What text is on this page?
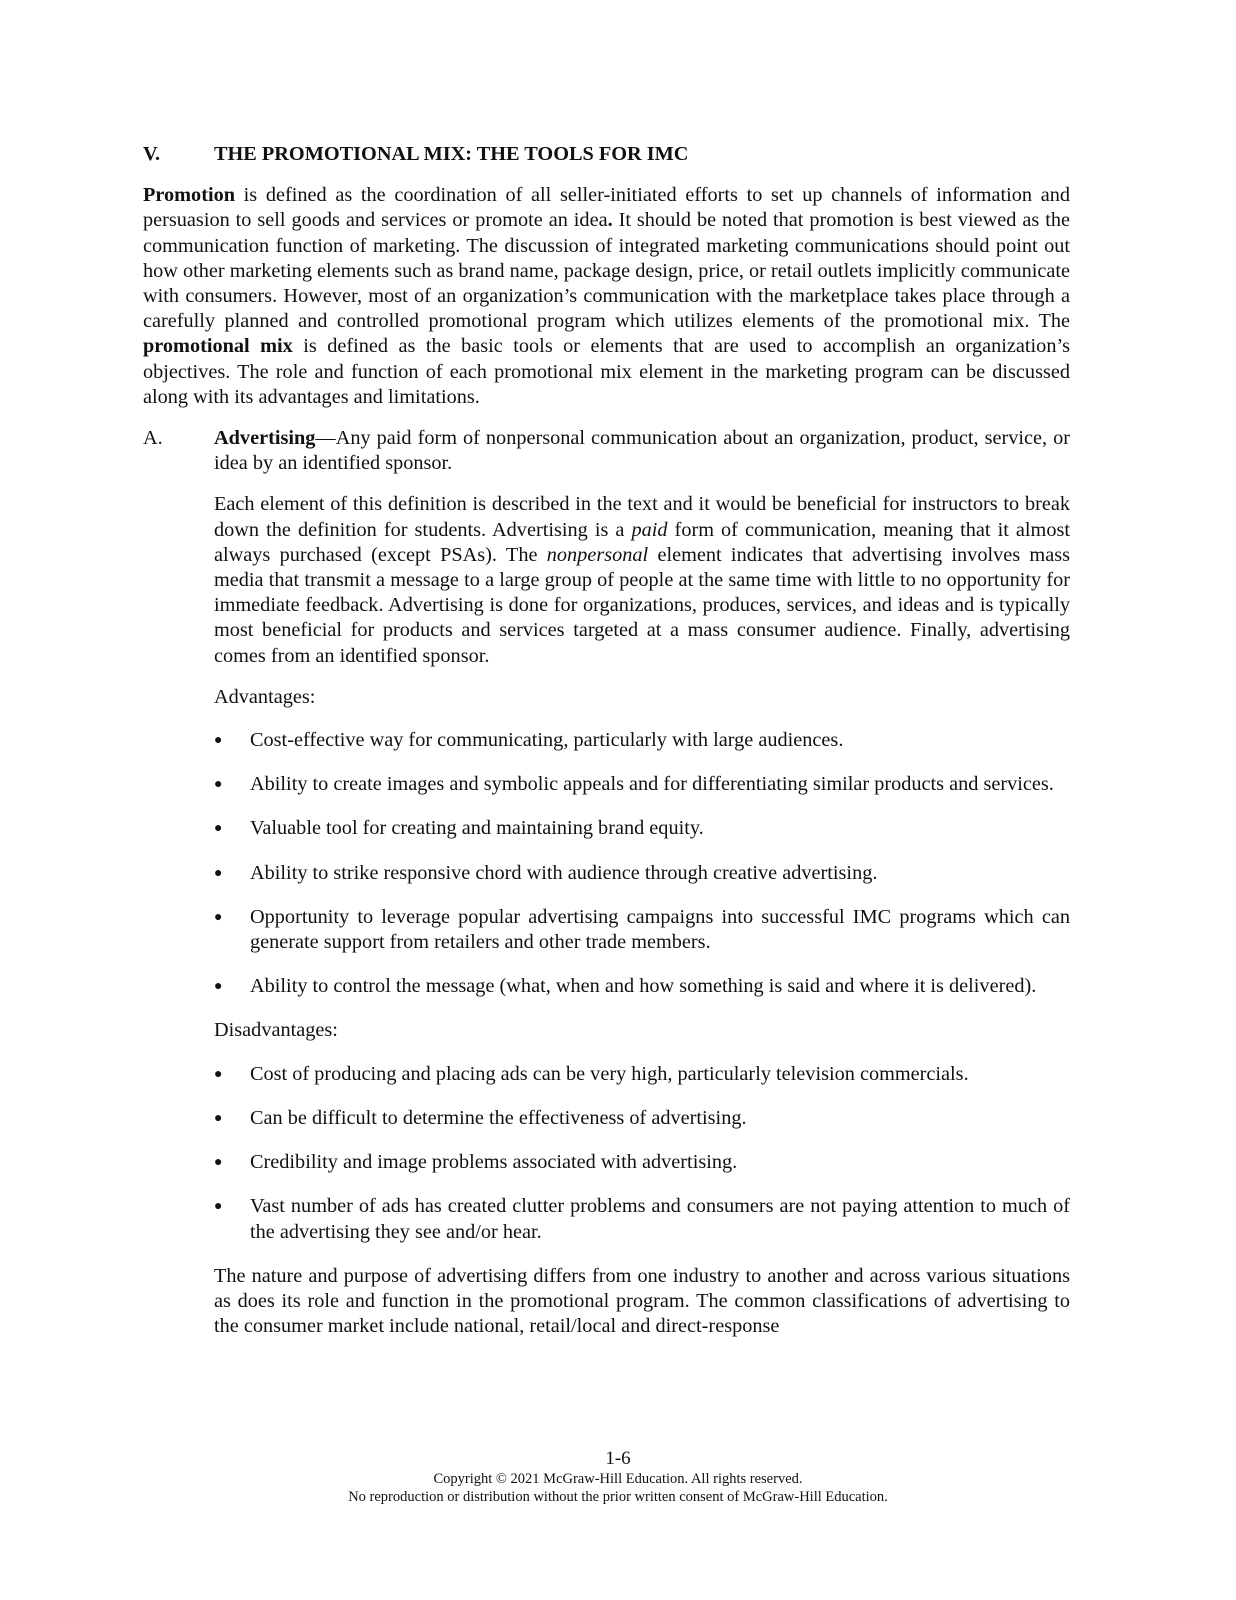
V.	THE PROMOTIONAL MIX: THE TOOLS FOR IMC

Promotion is defined as the coordination of all seller-initiated efforts to set up channels of information and persuasion to sell goods and services or promote an idea. It should be noted that promotion is best viewed as the communication function of marketing. The discussion of integrated marketing communications should point out how other marketing elements such as brand name, package design, price, or retail outlets implicitly communicate with consumers. However, most of an organization’s communication with the marketplace takes place through a carefully planned and controlled promotional program which utilizes elements of the promotional mix. The promotional mix is defined as the basic tools or elements that are used to accomplish an organization’s objectives. The role and function of each promotional mix element in the marketing program can be discussed along with its advantages and limitations.

A.	Advertising—Any paid form of nonpersonal communication about an organization, product, service, or idea by an identified sponsor.

Each element of this definition is described in the text and it would be beneficial for instructors to break down the definition for students. Advertising is a paid form of communication, meaning that it almost always purchased (except PSAs). The nonpersonal element indicates that advertising involves mass media that transmit a message to a large group of people at the same time with little to no opportunity for immediate feedback. Advertising is done for organizations, produces, services, and ideas and is typically most beneficial for products and services targeted at a mass consumer audience. Finally, advertising comes from an identified sponsor.

Advantages:

●	Cost-effective way for communicating, particularly with large audiences.
●	Ability to create images and symbolic appeals and for differentiating similar products and services.
●	Valuable tool for creating and maintaining brand equity.
●	Ability to strike responsive chord with audience through creative advertising.
●	Opportunity to leverage popular advertising campaigns into successful IMC programs which can generate support from retailers and other trade members.
●	Ability to control the message (what, when and how something is said and where it is delivered).

Disadvantages:

●	Cost of producing and placing ads can be very high, particularly television commercials.
●	Can be difficult to determine the effectiveness of advertising.
●	Credibility and image problems associated with advertising.
●	Vast number of ads has created clutter problems and consumers are not paying attention to much of the advertising they see and/or hear.

The nature and purpose of advertising differs from one industry to another and across various situations as does its role and function in the promotional program. The common classifications of advertising to the consumer market include national, retail/local and direct-response

1-6
Copyright © 2021 McGraw-Hill Education. All rights reserved.
No reproduction or distribution without the prior written consent of McGraw-Hill Education.
